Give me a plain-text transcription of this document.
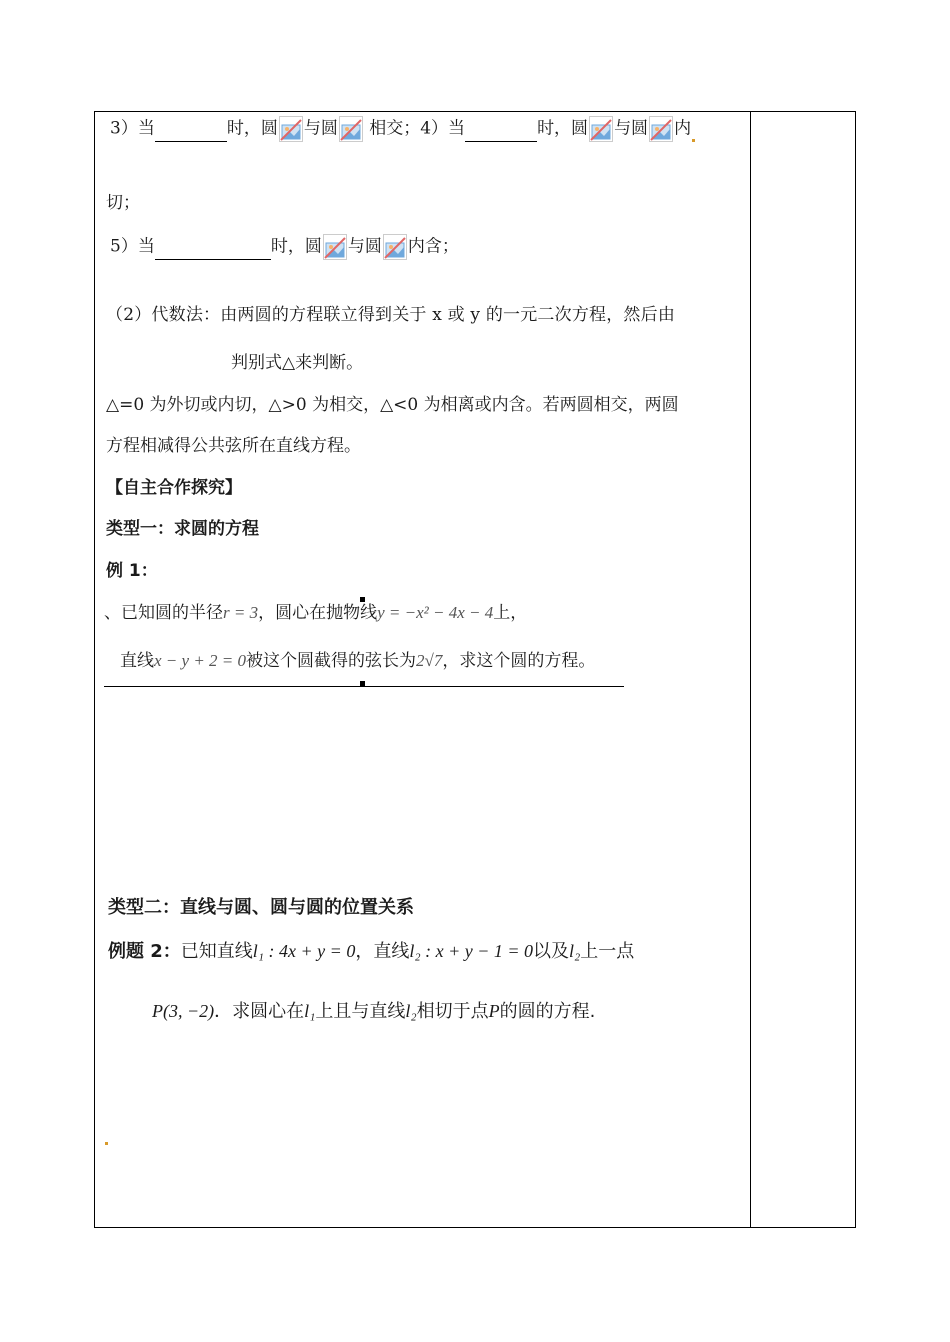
3）当	时，圆 与圆 相交；4）当	时，圆 与圆 内
切；
5）当	时，圆 与圆 内含；
（2）代数法：由两圆的方程联立得到关于 x 或 y 的一元二次方程，然后由
判别式△来判断。
△=0 为外切或内切，△>0 为相交，△<0 为相离或内含。若两圆相交，两圆
方程相减得公共弦所在直线方程。
【自主合作探究】
类型一：求圆的方程
例 1：
、已知圆的半径r = 3，圆心在抛物线y = −x² − 4x − 4上，
直线x − y + 2 = 0被这个圆截得的弦长为2√7，求这个圆的方程。
类型二：直线与圆、圆与圆的位置关系
例题 2：已知直线l₁ : 4x + y = 0，直线l₂ : x + y − 1 = 0以及l₂上一点
P(3, −2)．求圆心在l₁上且与直线l₂相切于点P的圆的方程.
